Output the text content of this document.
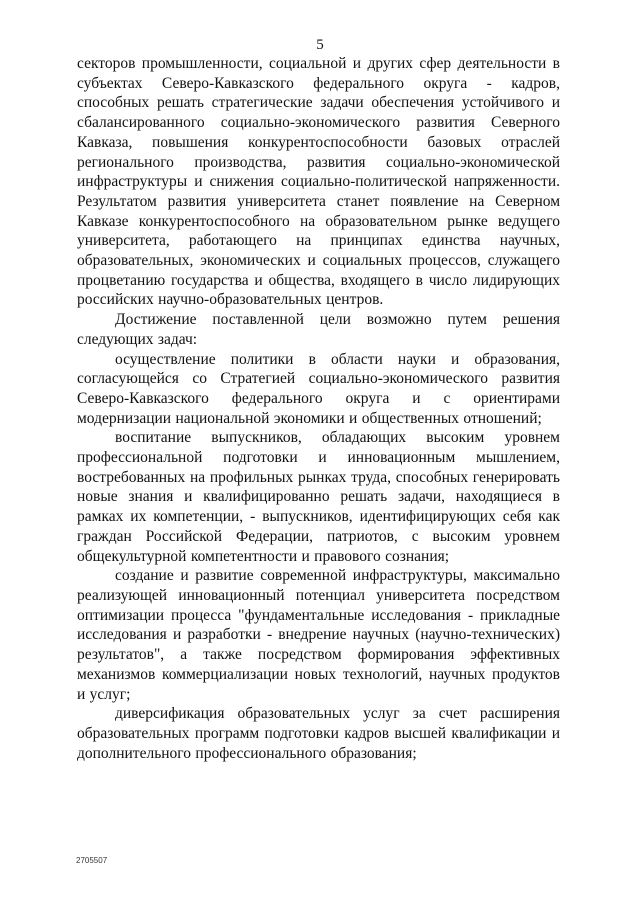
5

секторов промышленности, социальной и других сфер деятельности в субъектах Северо-Кавказского федерального округа - кадров, способных решать стратегические задачи обеспечения устойчивого и сбалансированного социально-экономического развития Северного Кавказа, повышения конкурентоспособности базовых отраслей регионального производства, развития социально-экономической инфраструктуры и снижения социально-политической напряженности. Результатом развития университета станет появление на Северном Кавказе конкурентоспособного на образовательном рынке ведущего университета, работающего на принципах единства научных, образовательных, экономических и социальных процессов, служащего процветанию государства и общества, входящего в число лидирующих российских научно-образовательных центров.

Достижение поставленной цели возможно путем решения следующих задач:

осуществление политики в области науки и образования, согласующейся со Стратегией социально-экономического развития Северо-Кавказского федерального округа и с ориентирами модернизации национальной экономики и общественных отношений;

воспитание выпускников, обладающих высоким уровнем профессиональной подготовки и инновационным мышлением, востребованных на профильных рынках труда, способных генерировать новые знания и квалифицированно решать задачи, находящиеся в рамках их компетенции, - выпускников, идентифицирующих себя как граждан Российской Федерации, патриотов, с высоким уровнем общекультурной компетентности и правового сознания;

создание и развитие современной инфраструктуры, максимально реализующей инновационный потенциал университета посредством оптимизации процесса "фундаментальные исследования - прикладные исследования и разработки - внедрение научных (научно-технических) результатов", а также посредством формирования эффективных механизмов коммерциализации новых технологий, научных продуктов и услуг;

диверсификация образовательных услуг за счет расширения образовательных программ подготовки кадров высшей квалификации и дополнительного профессионального образования;

2705507
